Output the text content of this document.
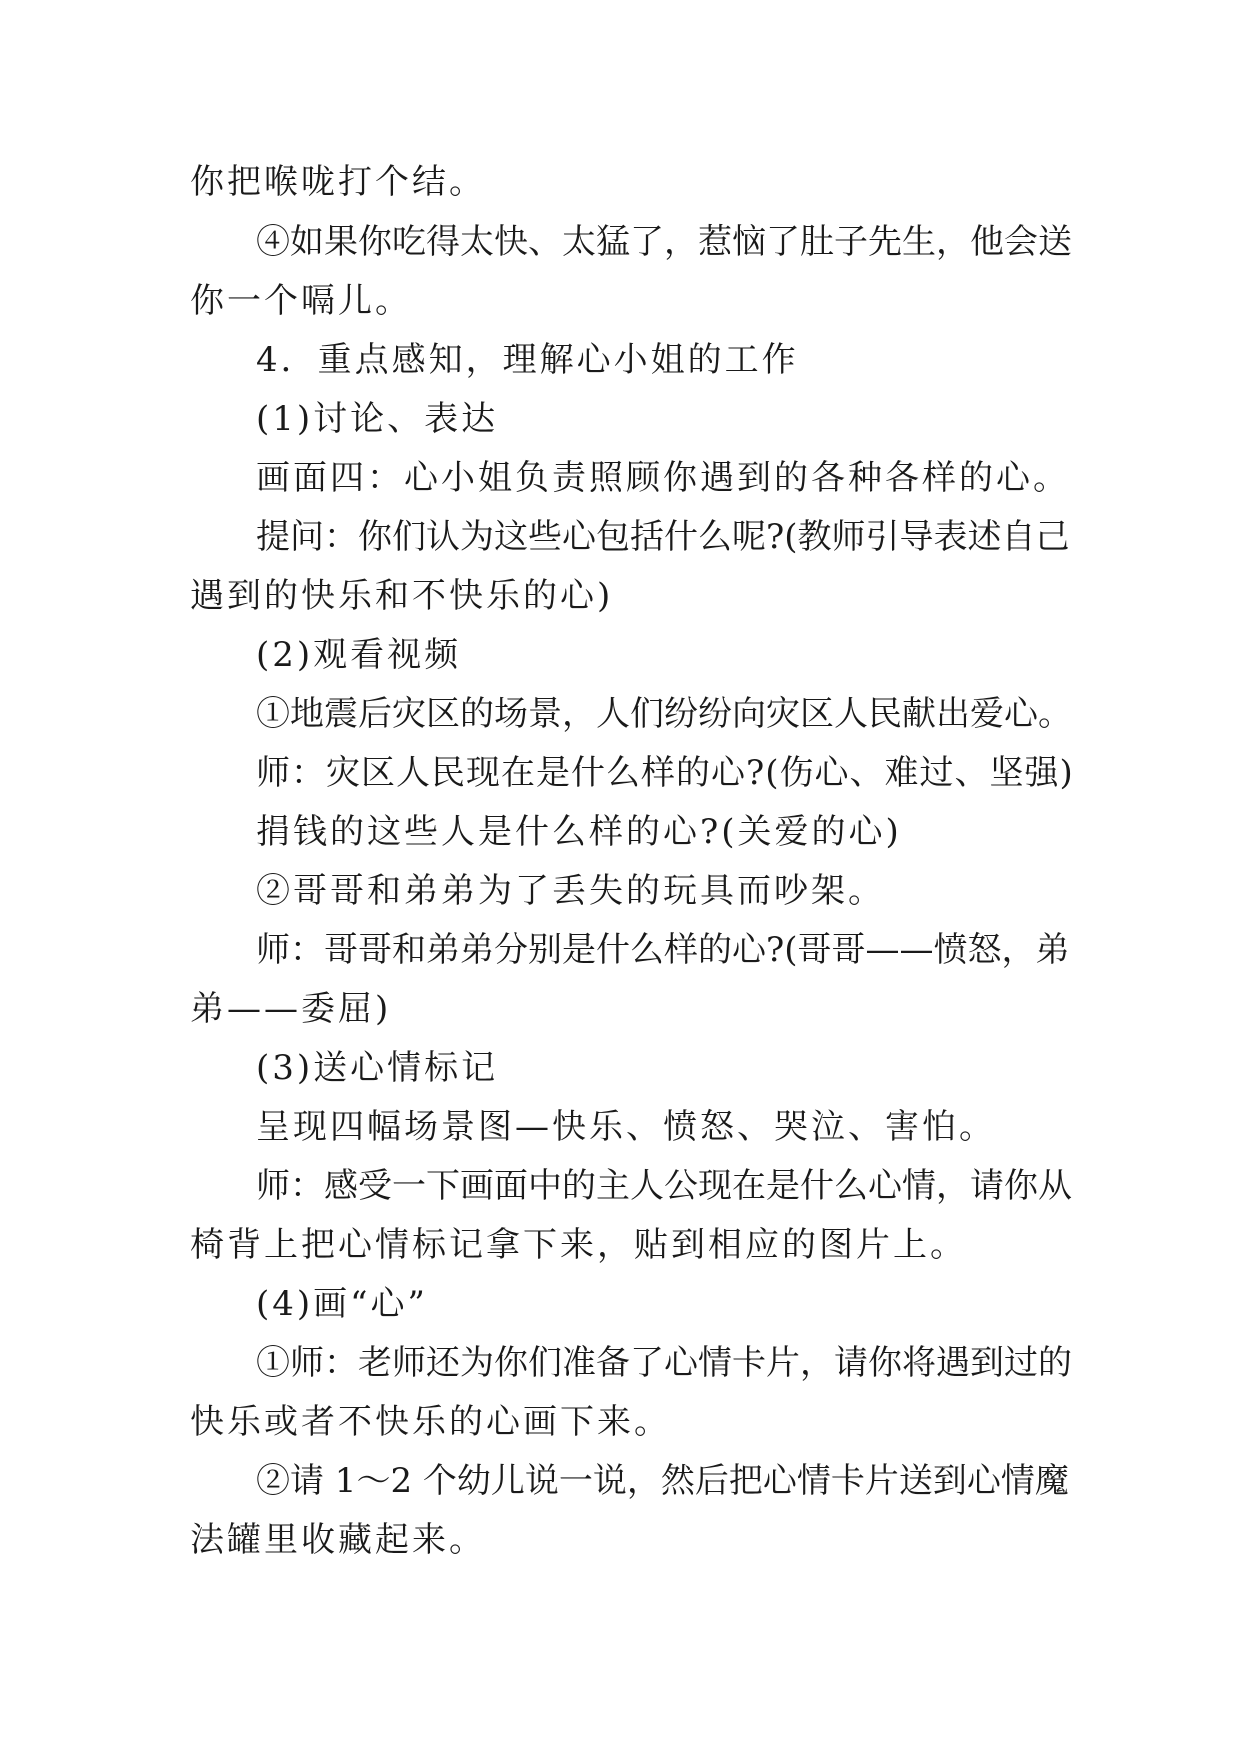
你把喉咙打个结。
④如果你吃得太快、太猛了，惹恼了肚子先生，他会送
你一个嗝儿。
4．重点感知，理解心小姐的工作
(1)讨论、表达
画面四：心小姐负责照顾你遇到的各种各样的心。
提问：你们认为这些心包括什么呢?(教师引导表述自己
遇到的快乐和不快乐的心)
(2)观看视频
①地震后灾区的场景，人们纷纷向灾区人民献出爱心。
师：灾区人民现在是什么样的心?(伤心、难过、坚强)
捐钱的这些人是什么样的心?(关爱的心)
②哥哥和弟弟为了丢失的玩具而吵架。
师：哥哥和弟弟分别是什么样的心?(哥哥——愤怒，弟
弟——委屈)
(3)送心情标记
呈现四幅场景图—快乐、愤怒、哭泣、害怕。
师：感受一下画面中的主人公现在是什么心情，请你从
椅背上把心情标记拿下来，贴到相应的图片上。
(4)画“心”
①师：老师还为你们准备了心情卡片，请你将遇到过的
快乐或者不快乐的心画下来。
②请 1～2 个幼儿说一说，然后把心情卡片送到心情魔
法罐里收藏起来。
